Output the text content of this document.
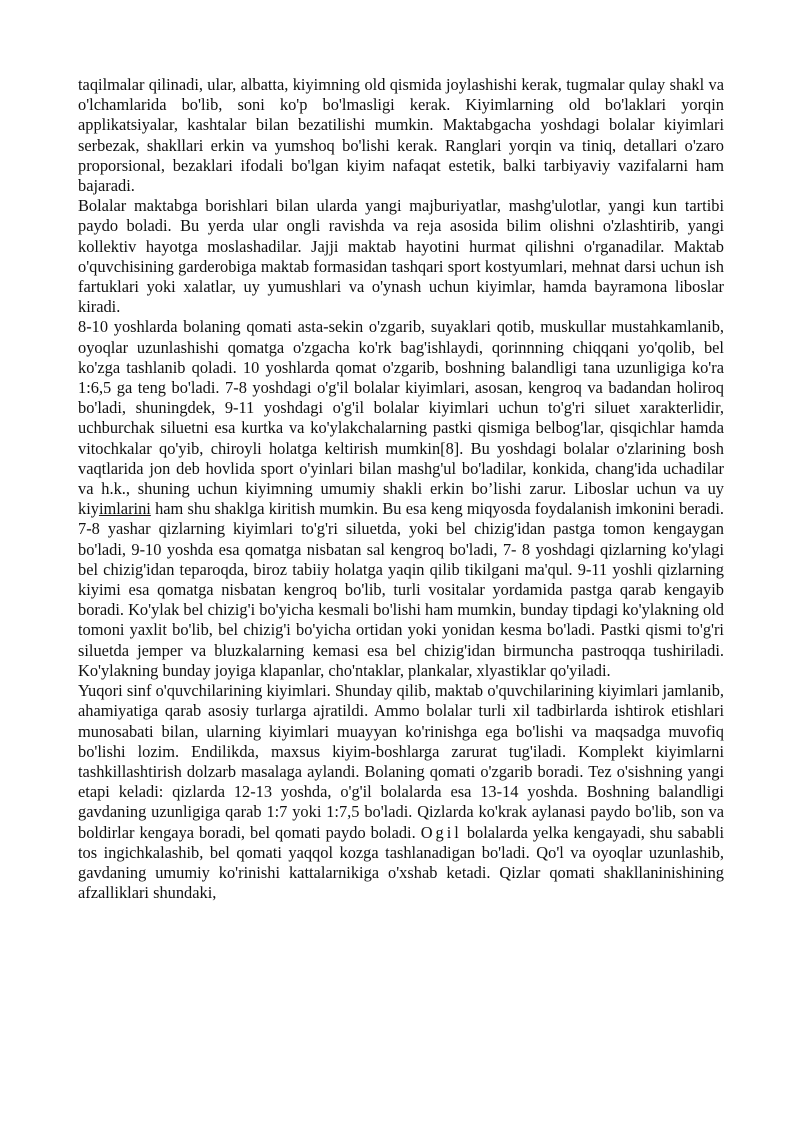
taqilmalar qilinadi, ular, albatta, kiyimning old qismida joylashishi kerak, tugmalar qulay shakl va o'lchamlarida bo'lib, soni ko'p bo'lmasligi kerak. Kiyimlarning old bo'laklari yorqin applikatsiyalar, kashtalar bilan bezatilishi mumkin. Maktabgacha yoshdagi bolalar kiyimlari serbezak, shakllari erkin va yumshoq bo'lishi kerak. Ranglari yorqin va tiniq, detallari o'zaro proporsional, bezaklari ifodali bo'lgan kiyim nafaqat estetik, balki tarbiyaviy vazifalarni ham bajaradi.

Bolalar maktabga borishlari bilan ularda yangi majburiyatlar, mashg'ulotlar, yangi kun tartibi paydo boladi. Bu yerda ular ongli ravishda va reja asosida bilim olishni o'zlashtirib, yangi kollektiv hayotga moslashadilar. Jajji maktab hayotini hurmat qilishni o'rganadilar. Maktab o'quvchisining garderobiga maktab formasidan tashqari sport kostyumlari, mehnat darsi uchun ish fartuklari yoki xalatlar, uy yumushlari va o'ynash uchun kiyimlar, hamda bayramona liboslar kiradi.

8-10 yoshlarda bolaning qomati asta-sekin o'zgarib, suyaklari qotib, muskullar mustahkamlanib, oyoqlar uzunlashishi qomatga o'zgacha ko'rk bag'ishlaydi, qorinnning chiqqani yo'qolib, bel ko'zga tashlanib qoladi. 10 yoshlarda qomat o'zgarib, boshning balandligi tana uzunligiga ko'ra 1:6,5 ga teng bo'ladi. 7-8 yoshdagi o'g'il bolalar kiyimlari, asosan, kengroq va badandan holiroq bo'ladi, shuningdek, 9-11 yoshdagi o'g'il bolalar kiyimlari uchun to'g'ri siluet xarakterlidir, uchburchak siluetni esa kurtka va ko'ylakchalarning pastki qismiga belbog'lar, qisqichlar hamda vitochkalar qo'yib, chiroyli holatga keltirish mumkin[8]. Bu yoshdagi bolalar o'zlarining bosh vaqtlarida jon deb hovlida sport o'yinlari bilan mashg'ul bo'ladilar, konkida, chang'ida uchadilar va h.k., shuning uchun kiyimning umumiy shakli erkin bo’lishi zarur. Liboslar uchun va uy kiyimlarini ham shu shaklga kiritish mumkin. Bu esa keng miqyosda foydalanish imkonini beradi. 7-8 yashar qizlarning kiyimlari to'g'ri siluetda, yoki bel chizig'idan pastga tomon kengaygan bo'ladi, 9-10 yoshda esa qomatga nisbatan sal kengroq bo'ladi, 7- 8 yoshdagi qizlarning ko'ylagi bel chizig'idan teparoqda, biroz tabiiy holatga yaqin qilib tikilgani ma'qul. 9-11 yoshli qizlarning kiyimi esa qomatga nisbatan kengroq bo'lib, turli vositalar yordamida pastga qarab kengayib boradi. Ko'ylak bel chizig'i bo'yicha kesmali bo'lishi ham mumkin, bunday tipdagi ko'ylakning old tomoni yaxlit bo'lib, bel chizig'i bo'yicha ortidan yoki yonidan kesma bo'ladi. Pastki qismi to'g'ri siluetda jemper va bluzkalarning kemasi esa bel chizig'idan birmuncha pastroqqa tushiriladi. Ko'ylakning bunday joyiga klapanlar, cho'ntaklar, plankalar, xlyastiklar qo'yiladi.

Yuqori sinf o'quvchilarining kiyimlari. Shunday qilib, maktab o'quvchilarining kiyimlari jamlanib, ahamiyatiga qarab asosiy turlarga ajratildi. Ammo bolalar turli xil tadbirlarda ishtirok etishlari munosabati bilan, ularning kiyimlari muayyan ko'rinishga ega bo'lishi va maqsadga muvofiq bo'lishi lozim. Endilikda, maxsus kiyim-boshlarga zarurat tug'iladi. Komplekt kiyimlarni tashkillashtirish dolzarb masalaga aylandi. Bolaning qomati o'zgarib boradi. Tez o'sishning yangi etapi keladi: qizlarda 12-13 yoshda, o'g'il bolalarda esa 13-14 yoshda. Boshning balandligi gavdaning uzunligiga qarab 1:7 yoki 1:7,5 bo'ladi. Qizlarda ko'krak aylanasi paydo bo'lib, son va boldirlar kengaya boradi, bel qomati paydo boladi. Ogil bolalarda yelka kengayadi, shu sababli tos ingichkalashib, bel qomati yaqqol kozga tashlanadigan bo'ladi. Qo'l va oyoqlar uzunlashib, gavdaning umumiy ko'rinishi kattalarnikiga o'xshab ketadi. Qizlar qomati shakllaninishining afzalliklari shundaki,
